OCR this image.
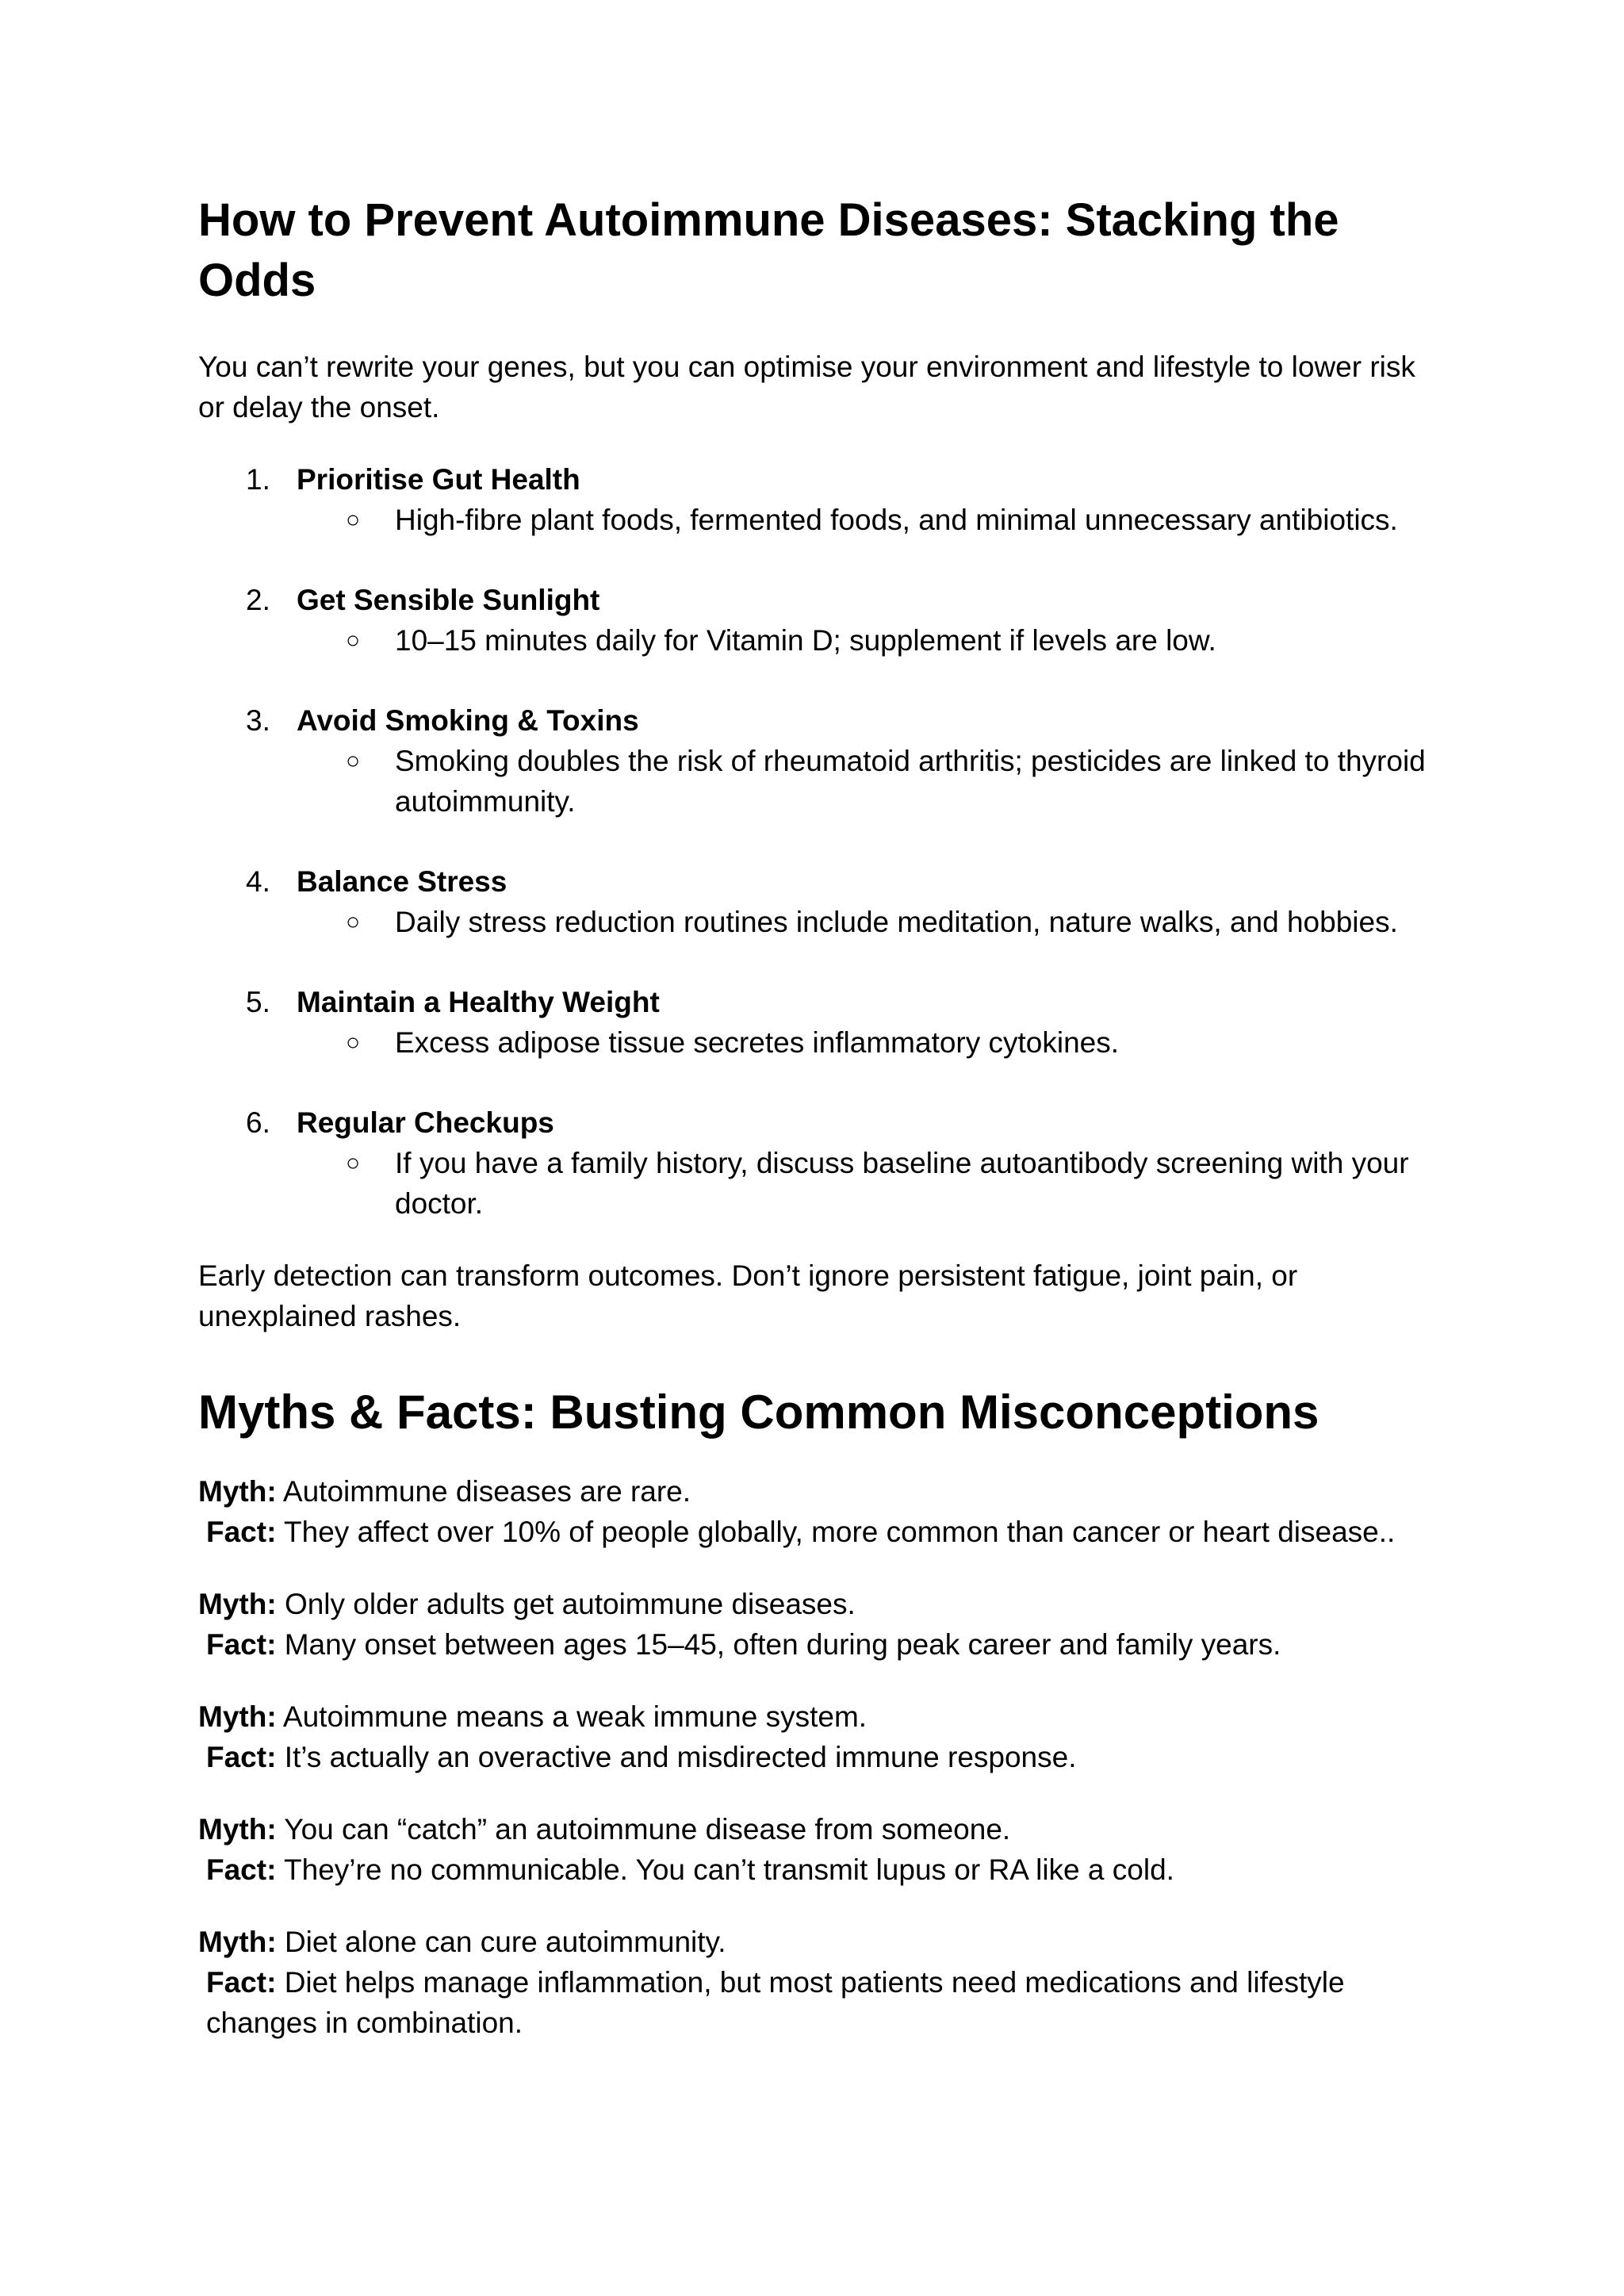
How to Prevent Autoimmune Diseases: Stacking the Odds

You can’t rewrite your genes, but you can optimise your environment and lifestyle to lower risk or delay the onset.

1. Prioritise Gut Health
○ High-fibre plant foods, fermented foods, and minimal unnecessary antibiotics.
2. Get Sensible Sunlight
○ 10–15 minutes daily for Vitamin D; supplement if levels are low.
3. Avoid Smoking & Toxins
○ Smoking doubles the risk of rheumatoid arthritis; pesticides are linked to thyroid autoimmunity.
4. Balance Stress
○ Daily stress reduction routines include meditation, nature walks, and hobbies.
5. Maintain a Healthy Weight
○ Excess adipose tissue secretes inflammatory cytokines.
6. Regular Checkups
○ If you have a family history, discuss baseline autoantibody screening with your doctor.

Early detection can transform outcomes. Don’t ignore persistent fatigue, joint pain, or unexplained rashes.

Myths & Facts: Busting Common Misconceptions
Myth: Autoimmune diseases are rare.
Fact: They affect over 10% of people globally, more common than cancer or heart disease..
Myth: Only older adults get autoimmune diseases.
Fact: Many onset between ages 15–45, often during peak career and family years.
Myth: Autoimmune means a weak immune system.
Fact: It’s actually an overactive and misdirected immune response.
Myth: You can “catch” an autoimmune disease from someone.
Fact: They’re no communicable. You can’t transmit lupus or RA like a cold.
Myth: Diet alone can cure autoimmunity.
Fact: Diet helps manage inflammation, but most patients need medications and lifestyle changes in combination.
